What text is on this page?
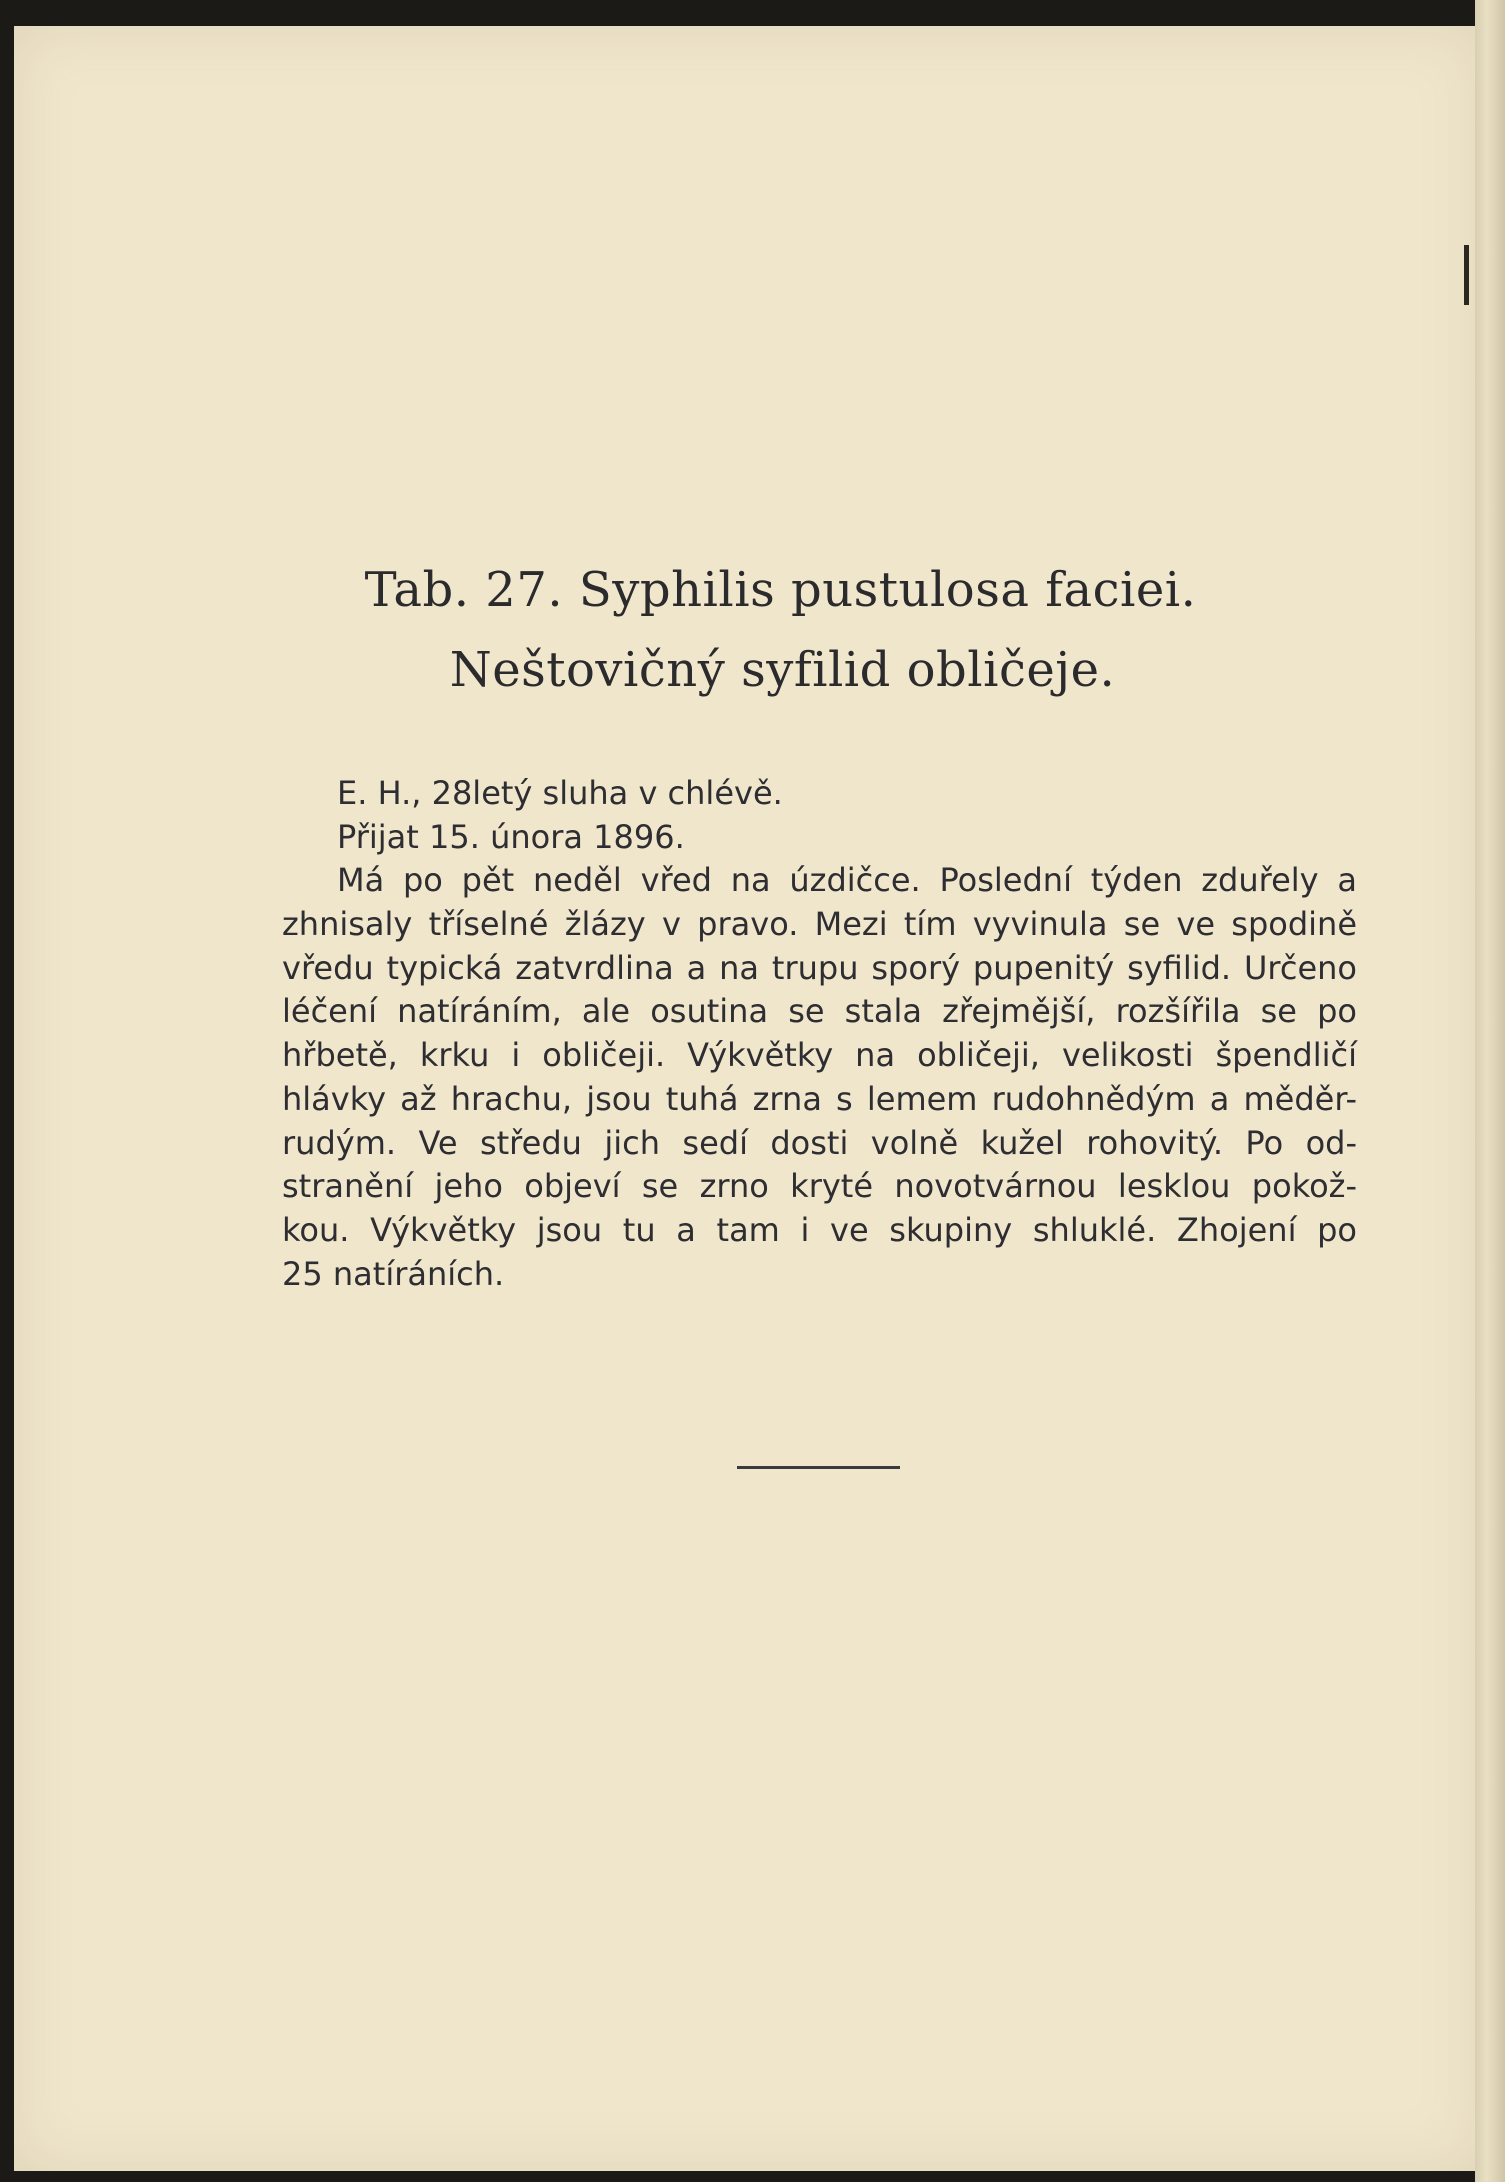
Tab. 27. Syphilis pustulosa faciei.
Neštovičný syfilid obličeje.
E. H., 28letý sluha v chlévě.
Přijat 15. února 1896.
Má po pět neděl vřed na úzdičce. Poslední týden zduřely a
zhnisaly tříselné žlázy v pravo. Mezi tím vyvinula se ve spodině
vředu typická zatvrdlina a na trupu sporý pupenitý syfilid. Určeno
léčení natíráním, ale osutina se stala zřejmější, rozšířila se po
hřbetě, krku i obličeji. Výkvětky na obličeji, velikosti špendličí
hlávky až hrachu, jsou tuhá zrna s lemem rudohnědým a měděr-
rudým. Ve středu jich sedí dosti volně kužel rohovitý. Po od-
stranění jeho objeví se zrno kryté novotvárnou lesklou pokož-
kou. Výkvětky jsou tu a tam i ve skupiny shluklé. Zhojení po
25 natíráních.
